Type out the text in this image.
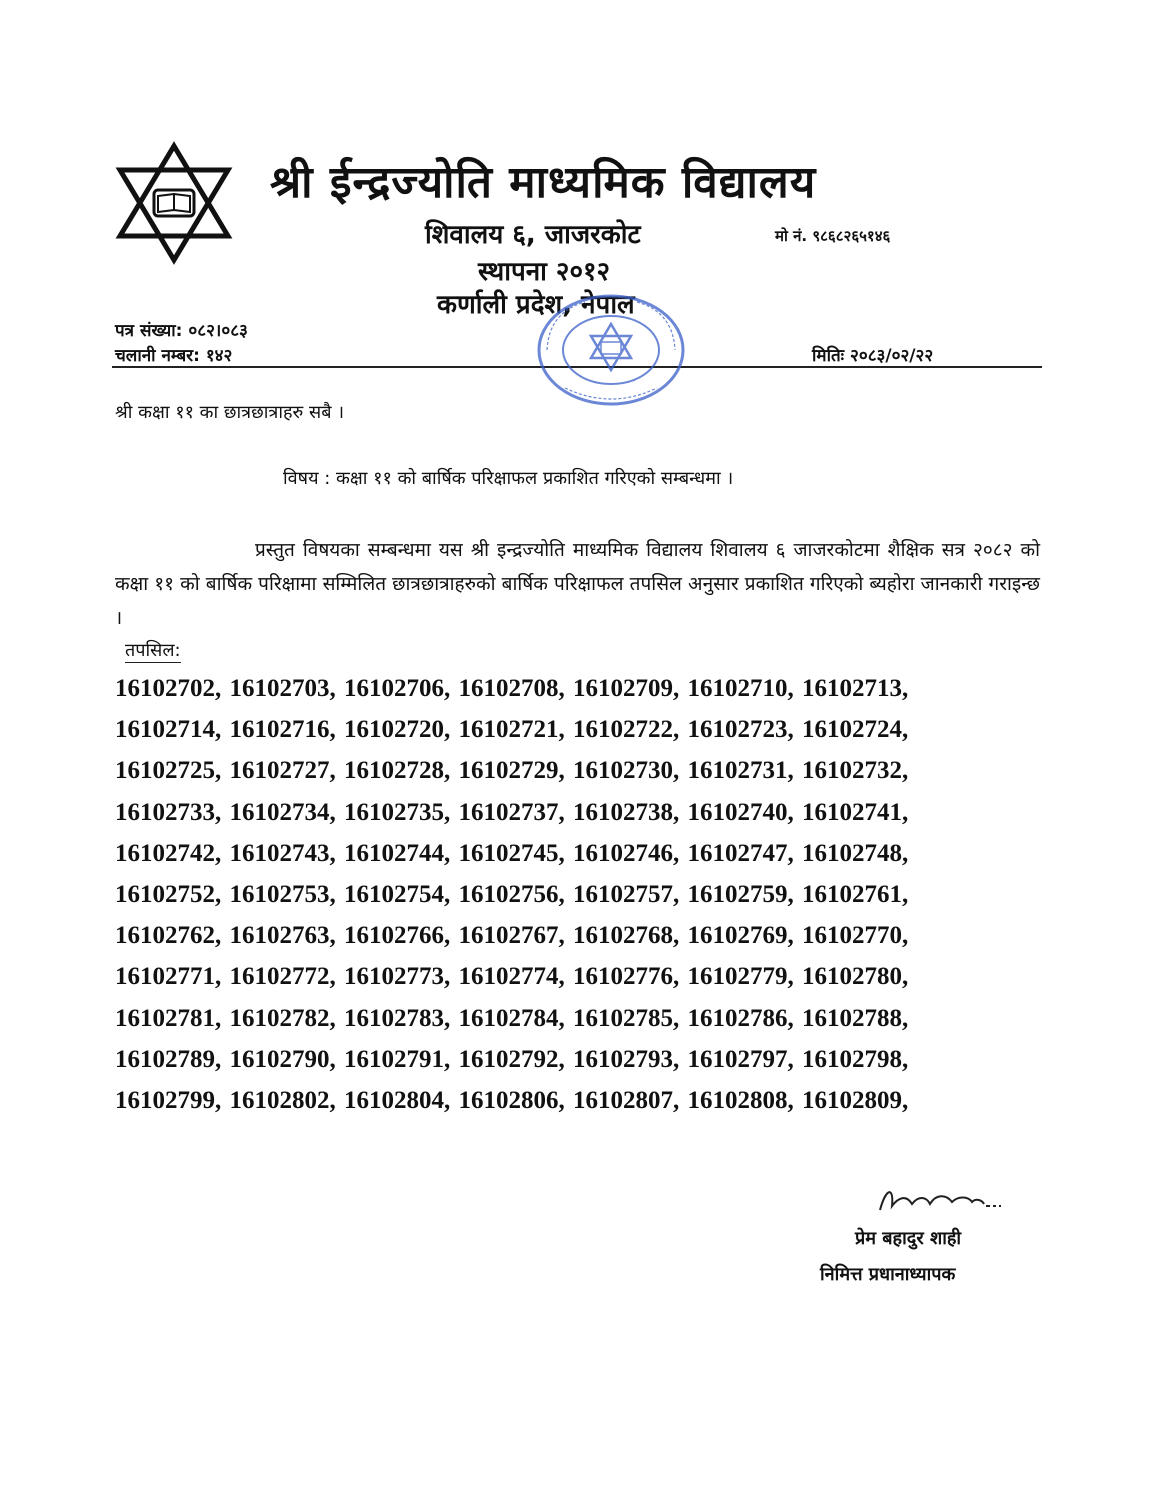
श्री ईन्द्रज्योति माध्यमिक विद्यालय
शिवालय ६, जाजरकोट	मो नं. ९८६८२६५१४६
स्थापना २०१२
कर्णाली प्रदेश, नेपाल
पत्र संख्या: ०८२।०८३
चलानी नम्बर: १४२	मितिः २०८३/०२/२२
श्री कक्षा ११ का छात्रछात्राहरु सबै ।
विषय : कक्षा ११ को बार्षिक परिक्षाफल प्रकाशित गरिएको सम्बन्धमा ।
प्रस्तुत विषयका सम्बन्धमा यस श्री इन्द्रज्योति माध्यमिक विद्यालय शिवालय ६ जाजरकोटमा शैक्षिक सत्र २०८२ को कक्षा ११ को बार्षिक परिक्षामा सम्मिलित छात्रछात्राहरुको बार्षिक परिक्षाफल तपसिल अनुसार प्रकाशित गरिएको ब्यहोरा जानकारी गराइन्छ ।
तपसिल:
16102702, 16102703, 16102706, 16102708, 16102709, 16102710, 16102713,
16102714, 16102716, 16102720, 16102721, 16102722, 16102723, 16102724,
16102725, 16102727, 16102728, 16102729, 16102730, 16102731, 16102732,
16102733, 16102734, 16102735, 16102737, 16102738, 16102740, 16102741,
16102742, 16102743, 16102744, 16102745, 16102746, 16102747, 16102748,
16102752, 16102753, 16102754, 16102756, 16102757, 16102759, 16102761,
16102762, 16102763, 16102766, 16102767, 16102768, 16102769, 16102770,
16102771, 16102772, 16102773, 16102774, 16102776, 16102779, 16102780,
16102781, 16102782, 16102783, 16102784, 16102785, 16102786, 16102788,
16102789, 16102790, 16102791, 16102792, 16102793, 16102797, 16102798,
16102799, 16102802, 16102804, 16102806, 16102807, 16102808, 16102809,
प्रेम बहादुर शाही
निमित्त प्रधानाध्यापक
